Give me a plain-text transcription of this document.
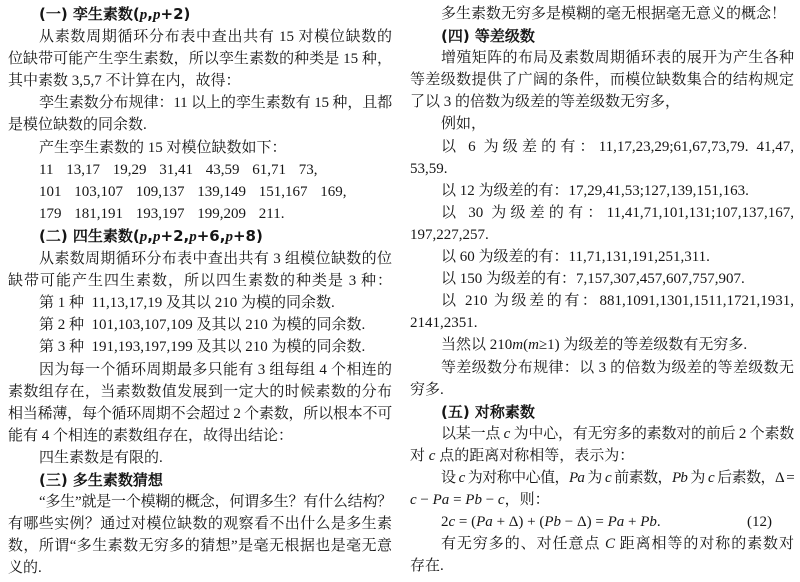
(一) 孪生素数(p,p+2)
从素数周期循环分布表中查出共有 15 对模位缺数的
位缺带可能产生孪生素数，所以孪生素数的种类是 15 种，
其中素数 3,5,7 不计算在内，故得：
孪生素数分布规律：11 以上的孪生素数有 15 种，且都
是模位缺数的同余数.
产生孪生素数的 15 对模位缺数如下：
11 13,17 19,29 31,41 43,59 61,71 73,
101 103,107 109,137 139,149 151,167 169,
179 181,191 193,197 199,209 211.
(二) 四生素数(p,p+2,p+6,p+8)
从素数周期循环分布表中查出共有 3 组模位缺数的位
缺带可能产生四生素数，所以四生素数的种类是 3 种：
第 1 种  11,13,17,19 及其以 210 为模的同余数.
第 2 种  101,103,107,109 及其以 210 为模的同余数.
第 3 种  191,193,197,199 及其以 210 为模的同余数.
因为每一个循环周期最多只能有 3 组每组 4 个相连的
素数组存在，当素数数值发展到一定大的时候素数的分布
相当稀薄，每个循环周期不会超过 2 个素数，所以根本不可
能有 4 个相连的素数组存在，故得出结论：
四生素数是有限的.
(三) 多生素数猜想
“多生”就是一个模糊的概念，何谓多生？有什么结构？
有哪些实例？通过对模位缺数的观察看不出什么是多生素
数，所谓“多生素数无穷多的猜想”是毫无根据也是毫无意
义的.
多生素数无穷多是模糊的毫无根据毫无意义的概念！
(四) 等差级数
增殖矩阵的布局及素数周期循环表的展开为产生各种
等差级数提供了广阔的条件，而模位缺数集合的结构规定
了以 3 的倍数为级差的等差级数无穷多，
例如，
以 6 为级差的有：11,17,23,29;61,67,73,79. 41,47,
53,59.
以 12 为级差的有：17,29,41,53;127,139,151,163.
以 30 为级差的有：11,41,71,101,131;107,137,167,
197,227,257.
以 60 为级差的有：11,71,131,191,251,311.
以 150 为级差的有：7,157,307,457,607,757,907.
以 210 为级差的有：881,1091,1301,1511,1721,1931,
2141,2351.
当然以 210m(m≥1) 为级差的等差级数有无穷多.
等差级数分布规律：以 3 的倍数为级差的等差级数无
穷多.
(五) 对称素数
以某一点 c 为中心，有无穷多的素数对的前后 2 个素数
对 c 点的距离对称相等，表示为：
设 c 为对称中心值，Pa 为 c 前素数，Pb 为 c 后素数，Δ =
c − Pa = Pb − c，则：
2c = (Pa + Δ) + (Pb − Δ) = Pa + Pb.	(12)
有无穷多的、对任意点 C 距离相等的对称的素数对
存在.
